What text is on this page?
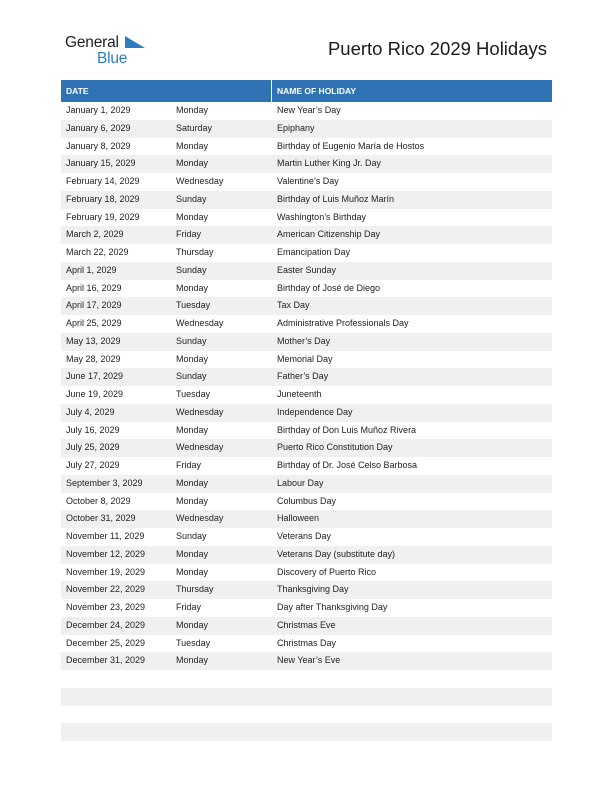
General
Blue	Puerto Rico 2029 Holidays
DATE	NAME OF HOLIDAY
January 1, 2029	Monday	New Year’s Day
January 6, 2029	Saturday	Epiphany
January 8, 2029	Monday	Birthday of Eugenio María de Hostos
January 15, 2029	Monday	Martin Luther King Jr. Day
February 14, 2029	Wednesday	Valentine’s Day
February 18, 2029	Sunday	Birthday of Luis Muñoz Marín
February 19, 2029	Monday	Washington’s Birthday
March 2, 2029	Friday	American Citizenship Day
March 22, 2029	Thursday	Emancipation Day
April 1, 2029	Sunday	Easter Sunday
April 16, 2029	Monday	Birthday of José de Diego
April 17, 2029	Tuesday	Tax Day
April 25, 2029	Wednesday	Administrative Professionals Day
May 13, 2029	Sunday	Mother’s Day
May 28, 2029	Monday	Memorial Day
June 17, 2029	Sunday	Father’s Day
June 19, 2029	Tuesday	Juneteenth
July 4, 2029	Wednesday	Independence Day
July 16, 2029	Monday	Birthday of Don Luis Muñoz Rivera
July 25, 2029	Wednesday	Puerto Rico Constitution Day
July 27, 2029	Friday	Birthday of Dr. José Celso Barbosa
September 3, 2029	Monday	Labour Day
October 8, 2029	Monday	Columbus Day
October 31, 2029	Wednesday	Halloween
November 11, 2029	Sunday	Veterans Day
November 12, 2029	Monday	Veterans Day (substitute day)
November 19, 2029	Monday	Discovery of Puerto Rico
November 22, 2029	Thursday	Thanksgiving Day
November 23, 2029	Friday	Day after Thanksgiving Day
December 24, 2029	Monday	Christmas Eve
December 25, 2029	Tuesday	Christmas Day
December 31, 2029	Monday	New Year’s Eve
